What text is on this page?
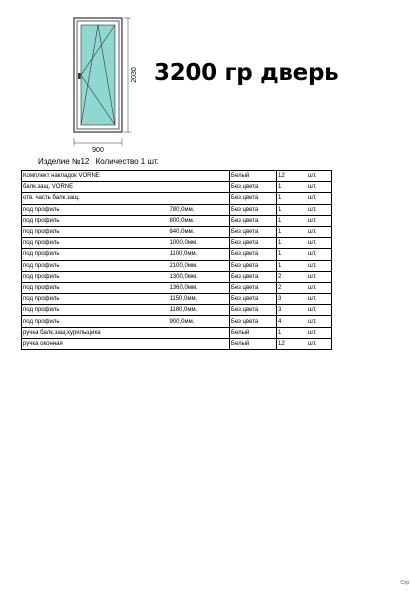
2030
900
3200 гр дверь
Изделие №12 Количество 1 шт.
Комплект накладок VORNE	Белый	12	шт.
балк.защ. VORNE	Без цвета	1	шт.
отв. часть балк.защ.	Без цвета	1	шт.
под профиль 780,0мм.	Без цвета	1	шт.
под профиль 800,0мм.	Без цвета	1	шт.
под профиль 840,0мм.	Без цвета	1	шт.
под профиль 1000,0мм.	Без цвета	1	шт.
под профиль 1100,0мм.	Без цвета	1	шт.
под профиль 2100,0мм.	Без цвета	1	шт.
под профиль 1300,0мм.	Без цвета	2	шт.
под профиль 1360,0мм.	Без цвета	2	шт.
под профиль 1150,0мм.	Без цвета	3	шт.
под профиль 1180,0мм.	Без цвета	3	шт.
под профиль 900,0мм.	Без цвета	4	шт.
ручка балк.защ.курильщика	Белый	1	шт.
ручка оконная	Белый	12	шт.
Стр
